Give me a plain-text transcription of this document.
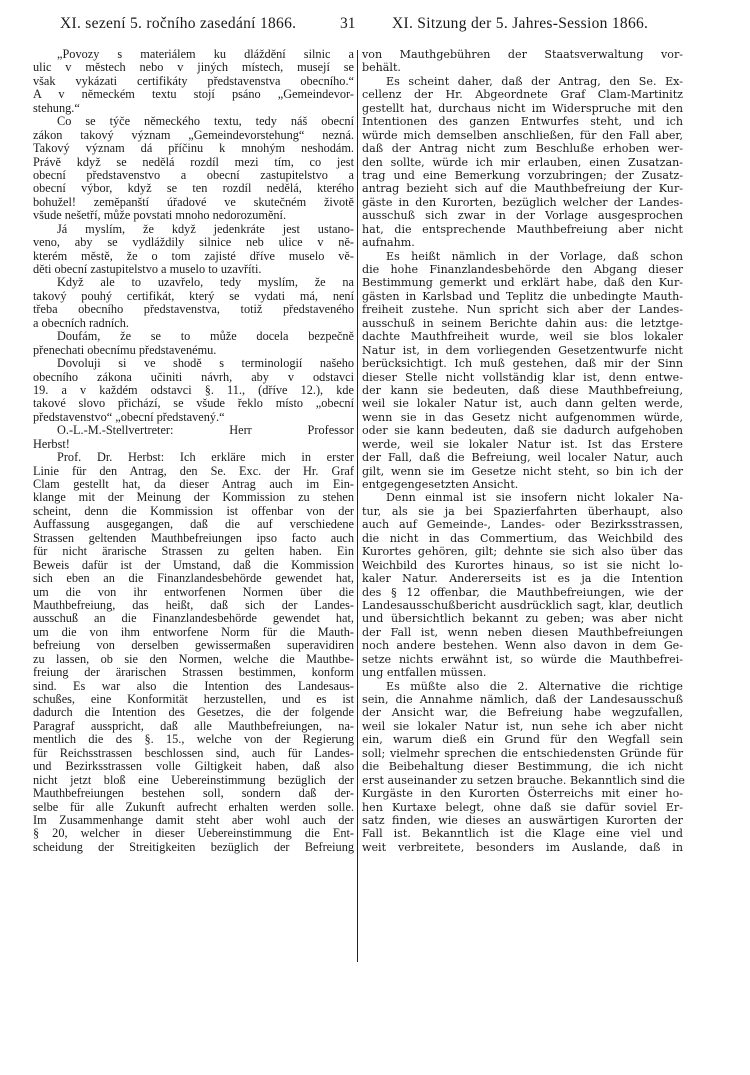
XI. sezení 5. ročního zasedání 1866.	31 XI. Sitzung der 5. Jahres-Session 1866.
„Povozy s materiálem ku dláždění silnic a
ulic v městech nebo v jiných místech, musejí se
však vykázati certifikáty představenstva obecního.“
A v německém textu stojí psáno „Gemeindevor-
stehung.“
Co se týče německého textu, tedy náš obecní
zákon takový význam „Gemeindevorstehung“ nezná.
Takový význam dá příčinu k mnohým neshodám.
Právě když se nedělá rozdíl mezi tím, co jest
obecní představenstvo a obecní zastupitelstvo a
obecní výbor, když se ten rozdíl nedělá, kterého
bohužel! zeměpanští úřadové ve skutečném životě
všude nešetří, může povstati mnoho nedorozumění.
Já myslím, že když jedenkráte jest ustano-
veno, aby se vydláždily silnice neb ulice v ně-
kterém městě, že o tom zajisté dříve muselo vě-
děti obecní zastupitelstvo a muselo to uzavříti.
Když ale to uzavřelo, tedy myslím, že na
takový pouhý certifikát, který se vydati má, není
třeba obecního představenstva, totiž představeného
a obecních radních.
Doufám, že se to může docela bezpečně
přenechati obecnímu představenému.
Dovoluji si ve shodě s terminologií našeho
obecního zákona učiniti návrh, aby v odstavci
19. a v každém odstavci §. 11., (dříve 12.), kde
takové slovo přichází, se všude řeklo místo „obecní
představenstvo“ „obecní představený.“
O.-L.-M.-Stellvertreter: Herr Professor
Herbst!
Prof. Dr. Herbst: Ich erkläre mich in erster
Linie für den Antrag, den Se. Exc. der Hr. Graf
Clam gestellt hat, da dieser Antrag auch im Ein-
klange mit der Meinung der Kommission zu stehen
scheint, denn die Kommission ist offenbar von der
Auffassung ausgegangen, daß die auf verschiedene
Strassen geltenden Mauthbefreiungen ipso facto auch
für nicht ärarische Strassen zu gelten haben. Ein
Beweis dafür ist der Umstand, daß die Kommission
sich eben an die Finanzlandesbehörde gewendet hat,
um die von ihr entworfenen Normen über die
Mauthbefreiung, das heißt, daß sich der Landes-
ausschuß an die Finanzlandesbehörde gewendet hat,
um die von ihm entworfene Norm für die Mauth-
befreiung von derselben gewissermaßen superavidiren
zu lassen, ob sie den Normen, welche die Mauthbe-
freiung der ärarischen Strassen bestimmen, konform
sind. Es war also die Intention des Landesaus-
schußes, eine Konformität herzustellen, und es ist
dadurch die Intention des Gesetzes, die der folgende
Paragraf ausspricht, daß alle Mauthbefreiungen, na-
mentlich die des §. 15., welche von der Regierung
für Reichsstrassen beschlossen sind, auch für Landes-
und Bezirksstrassen volle Giltigkeit haben, daß also
nicht jetzt bloß eine Uebereinstimmung bezüglich der
Mauthbefreiungen bestehen soll, sondern daß der-
selbe für alle Zukunft aufrecht erhalten werden solle.
Im Zusammenhange damit steht aber wohl auch der
§ 20, welcher in dieser Uebereinstimmung die Ent-
scheidung der Streitigkeiten bezüglich der Befreiung
von Mauthgebühren der Staatsverwaltung vor-
behält.
Es scheint daher, daß der Antrag, den Se. Ex-
cellenz der Hr. Abgeordnete Graf Clam-Martinitz
gestellt hat, durchaus nicht im Widerspruche mit den
Intentionen des ganzen Entwurfes steht, und ich
würde mich demselben anschließen, für den Fall aber,
daß der Antrag nicht zum Beschluße erhoben wer-
den sollte, würde ich mir erlauben, einen Zusatzan-
trag und eine Bemerkung vorzubringen; der Zusatz-
antrag bezieht sich auf die Mauthbefreiung der Kur-
gäste in den Kurorten, bezüglich welcher der Landes-
ausschuß sich zwar in der Vorlage ausgesprochen
hat, die entsprechende Mauthbefreiung aber nicht
aufnahm.
Es heißt nämlich in der Vorlage, daß schon
die hohe Finanzlandesbehörde den Abgang dieser
Bestimmung gemerkt und erklärt habe, daß den Kur-
gästen in Karlsbad und Teplitz die unbedingte Mauth-
freiheit zustehe. Nun spricht sich aber der Landes-
ausschuß in seinem Berichte dahin aus: die letztge-
dachte Mauthfreiheit wurde, weil sie blos lokaler
Natur ist, in dem vorliegenden Gesetzentwurfe nicht
berücksichtigt. Ich muß gestehen, daß mir der Sinn
dieser Stelle nicht vollständig klar ist, denn entwe-
der kann sie bedeuten, daß diese Mauthbefreiung,
weil sie lokaler Natur ist, auch dann gelten werde,
wenn sie in das Gesetz nicht aufgenommen würde,
oder sie kann bedeuten, daß sie dadurch aufgehoben
werde, weil sie lokaler Natur ist. Ist das Erstere
der Fall, daß die Befreiung, weil localer Natur, auch
gilt, wenn sie im Gesetze nicht steht, so bin ich der
entgegengesetzten Ansicht.
Denn einmal ist sie insofern nicht lokaler Na-
tur, als sie ja bei Spazierfahrten überhaupt, also
auch auf Gemeinde-, Landes- oder Bezirksstrassen,
die nicht in das Commertium, das Weichbild des
Kurortes gehören, gilt; dehnte sie sich also über das
Weichbild des Kurortes hinaus, so ist sie nicht lo-
kaler Natur. Andererseits ist es ja die Intention
des § 12 offenbar, die Mauthbefreiungen, wie der
Landesausschußbericht ausdrücklich sagt, klar, deutlich
und übersichtlich bekannt zu geben; was aber nicht
der Fall ist, wenn neben diesen Mauthbefreiungen
noch andere bestehen. Wenn also davon in dem Ge-
setze nichts erwähnt ist, so würde die Mauthbefrei-
ung entfallen müssen.
Es müßte also die 2. Alternative die richtige
sein, die Annahme nämlich, daß der Landesausschuß
der Ansicht war, die Befreiung habe wegzufallen,
weil sie lokaler Natur ist, nun sehe ich aber nicht
ein, warum dieß ein Grund für den Wegfall sein
soll; vielmehr sprechen die entschiedensten Gründe für
die Beibehaltung dieser Bestimmung, die ich nicht
erst auseinander zu setzen brauche. Bekanntlich sind die
Kurgäste in den Kurorten Österreichs mit einer ho-
hen Kurtaxe belegt, ohne daß sie dafür soviel Er-
satz finden, wie dieses an auswärtigen Kurorten der
Fall ist. Bekanntlich ist die Klage eine viel und
weit verbreitete, besonders im Auslande, daß in
